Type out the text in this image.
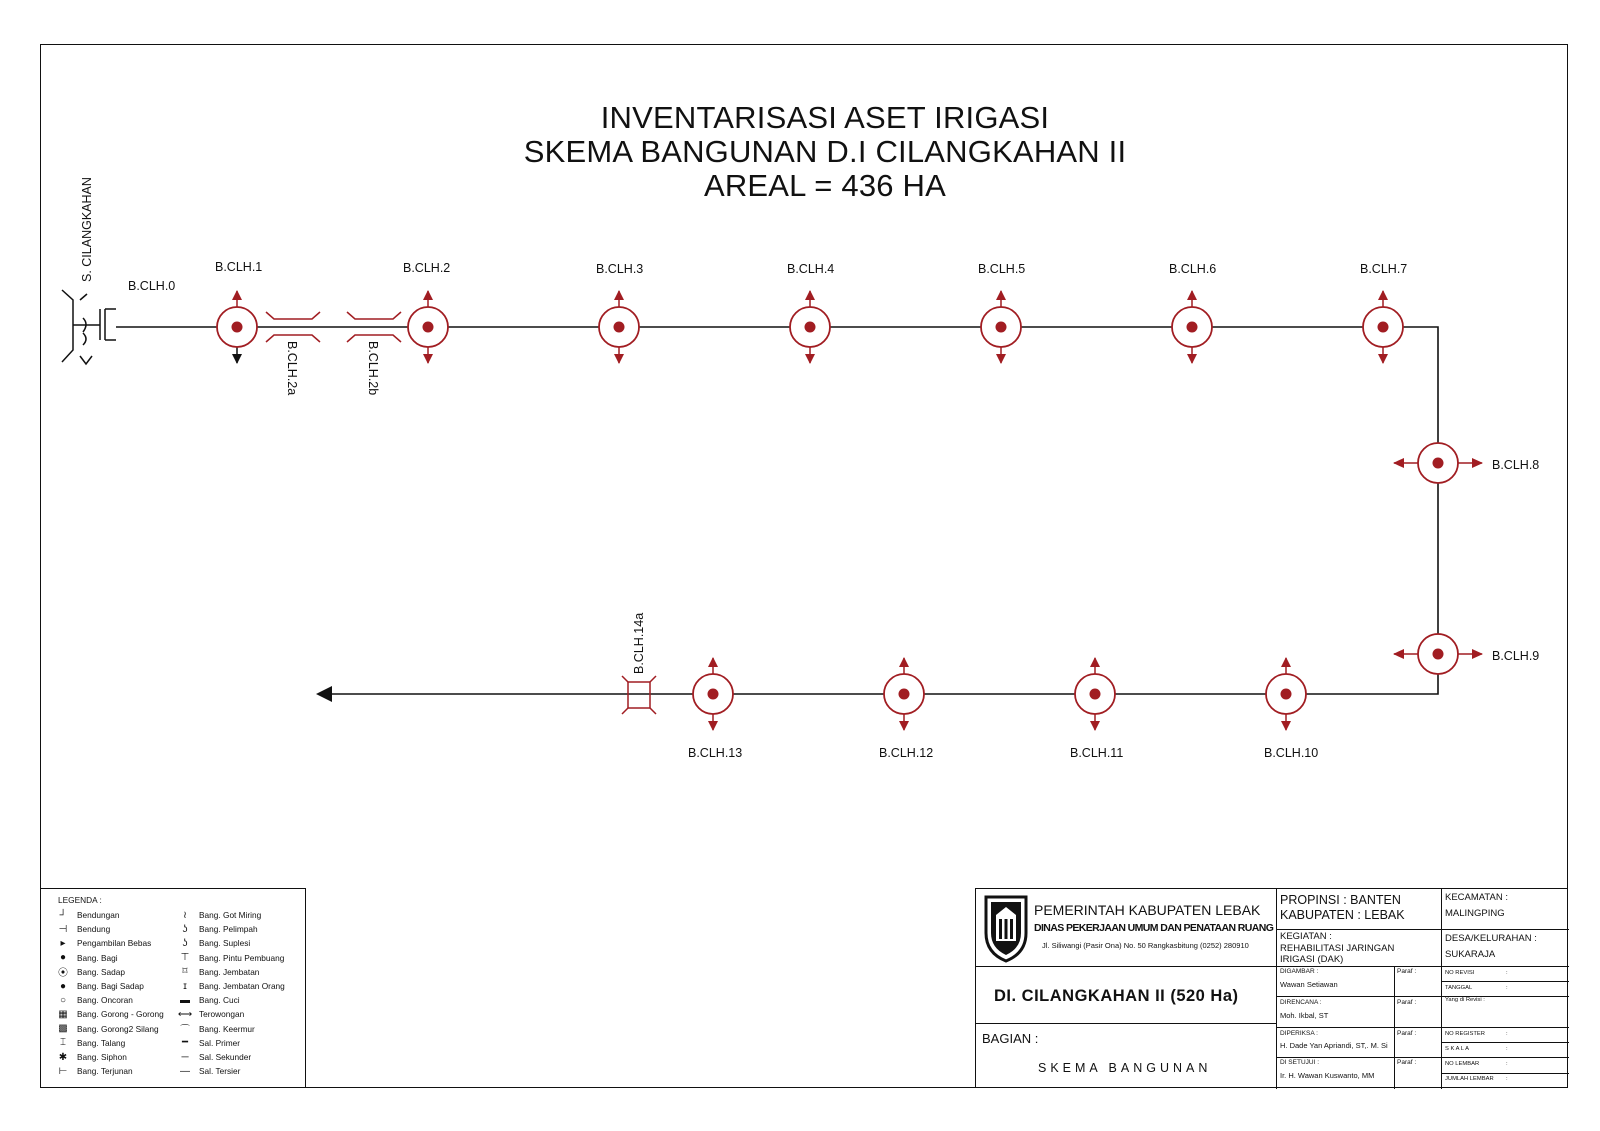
INVENTARISASI ASET IRIGASI
SKEMA BANGUNAN D.I CILANGKAHAN II
AREAL = 436 HA
S. CILANGKAHAN
B.CLH.0
B.CLH.1
B.CLH.2a	B.CLH.2b
B.CLH.2	B.CLH.3	B.CLH.4	B.CLH.5	B.CLH.6	B.CLH.7
B.CLH.8
B.CLH.9
B.CLH.10
B.CLH.11
B.CLH.12
B.CLH.13
B.CLH.14a
LEGENDA :
┘	Bendungan
⊣	Bendung
▸	Pengambilan Bebas
●	Bang. Bagi
⦿	Bang. Sadap
●	Bang. Bagi Sadap
○	Bang. Oncoran
▦	Bang. Gorong - Gorong
▩	Bang. Gorong2 Silang
⌶	Bang. Talang
✱	Bang. Siphon
⊢	Bang. Terjunan
≀	Bang. Got Miring
ʖ	Bang. Pelimpah
ʖ	Bang. Suplesi
⊤	Bang. Pintu Pembuang
⌑	Bang. Jembatan
ɪ	Bang. Jembatan Orang
▬	Bang. Cuci
⟷ Terowongan
⌒	Bang. Keermur
━	Sal. Primer
─	Sal. Sekunder
—	Sal. Tersier
PEMERINTAH KABUPATEN LEBAK
DINAS PEKERJAAN UMUM DAN PENATAAN RUANG
Jl. Siliwangi (Pasir Ona) No. 50 Rangkasbitung (0252) 280910
DI. CILANGKAHAN II (520 Ha)
BAGIAN :
SKEMA BANGUNAN
PROPINSI : BANTEN
KABUPATEN : LEBAK
KEGIATAN :
REHABILITASI JARINGAN
IRIGASI (DAK)
DIGAMBAR :
Wawan Setiawan
DIRENCANA :
Moh. Ikbal, ST
DIPERIKSA :
H. Dade Yan Apriandi, ST,. M. Si
DI SETUJUI :
Ir. H. Wawan Kuswanto, MM
Paraf :
Paraf :
Paraf :
Paraf :
KECAMATAN :
MALINGPING
DESA/KELURAHAN :
SUKARAJA
NO REVISI	:
TANGGAL	:
Yang di Revisi :
NO REGISTER	:
S K A L A	:
NO LEMBAR	:
JUMLAH LEMBAR :
